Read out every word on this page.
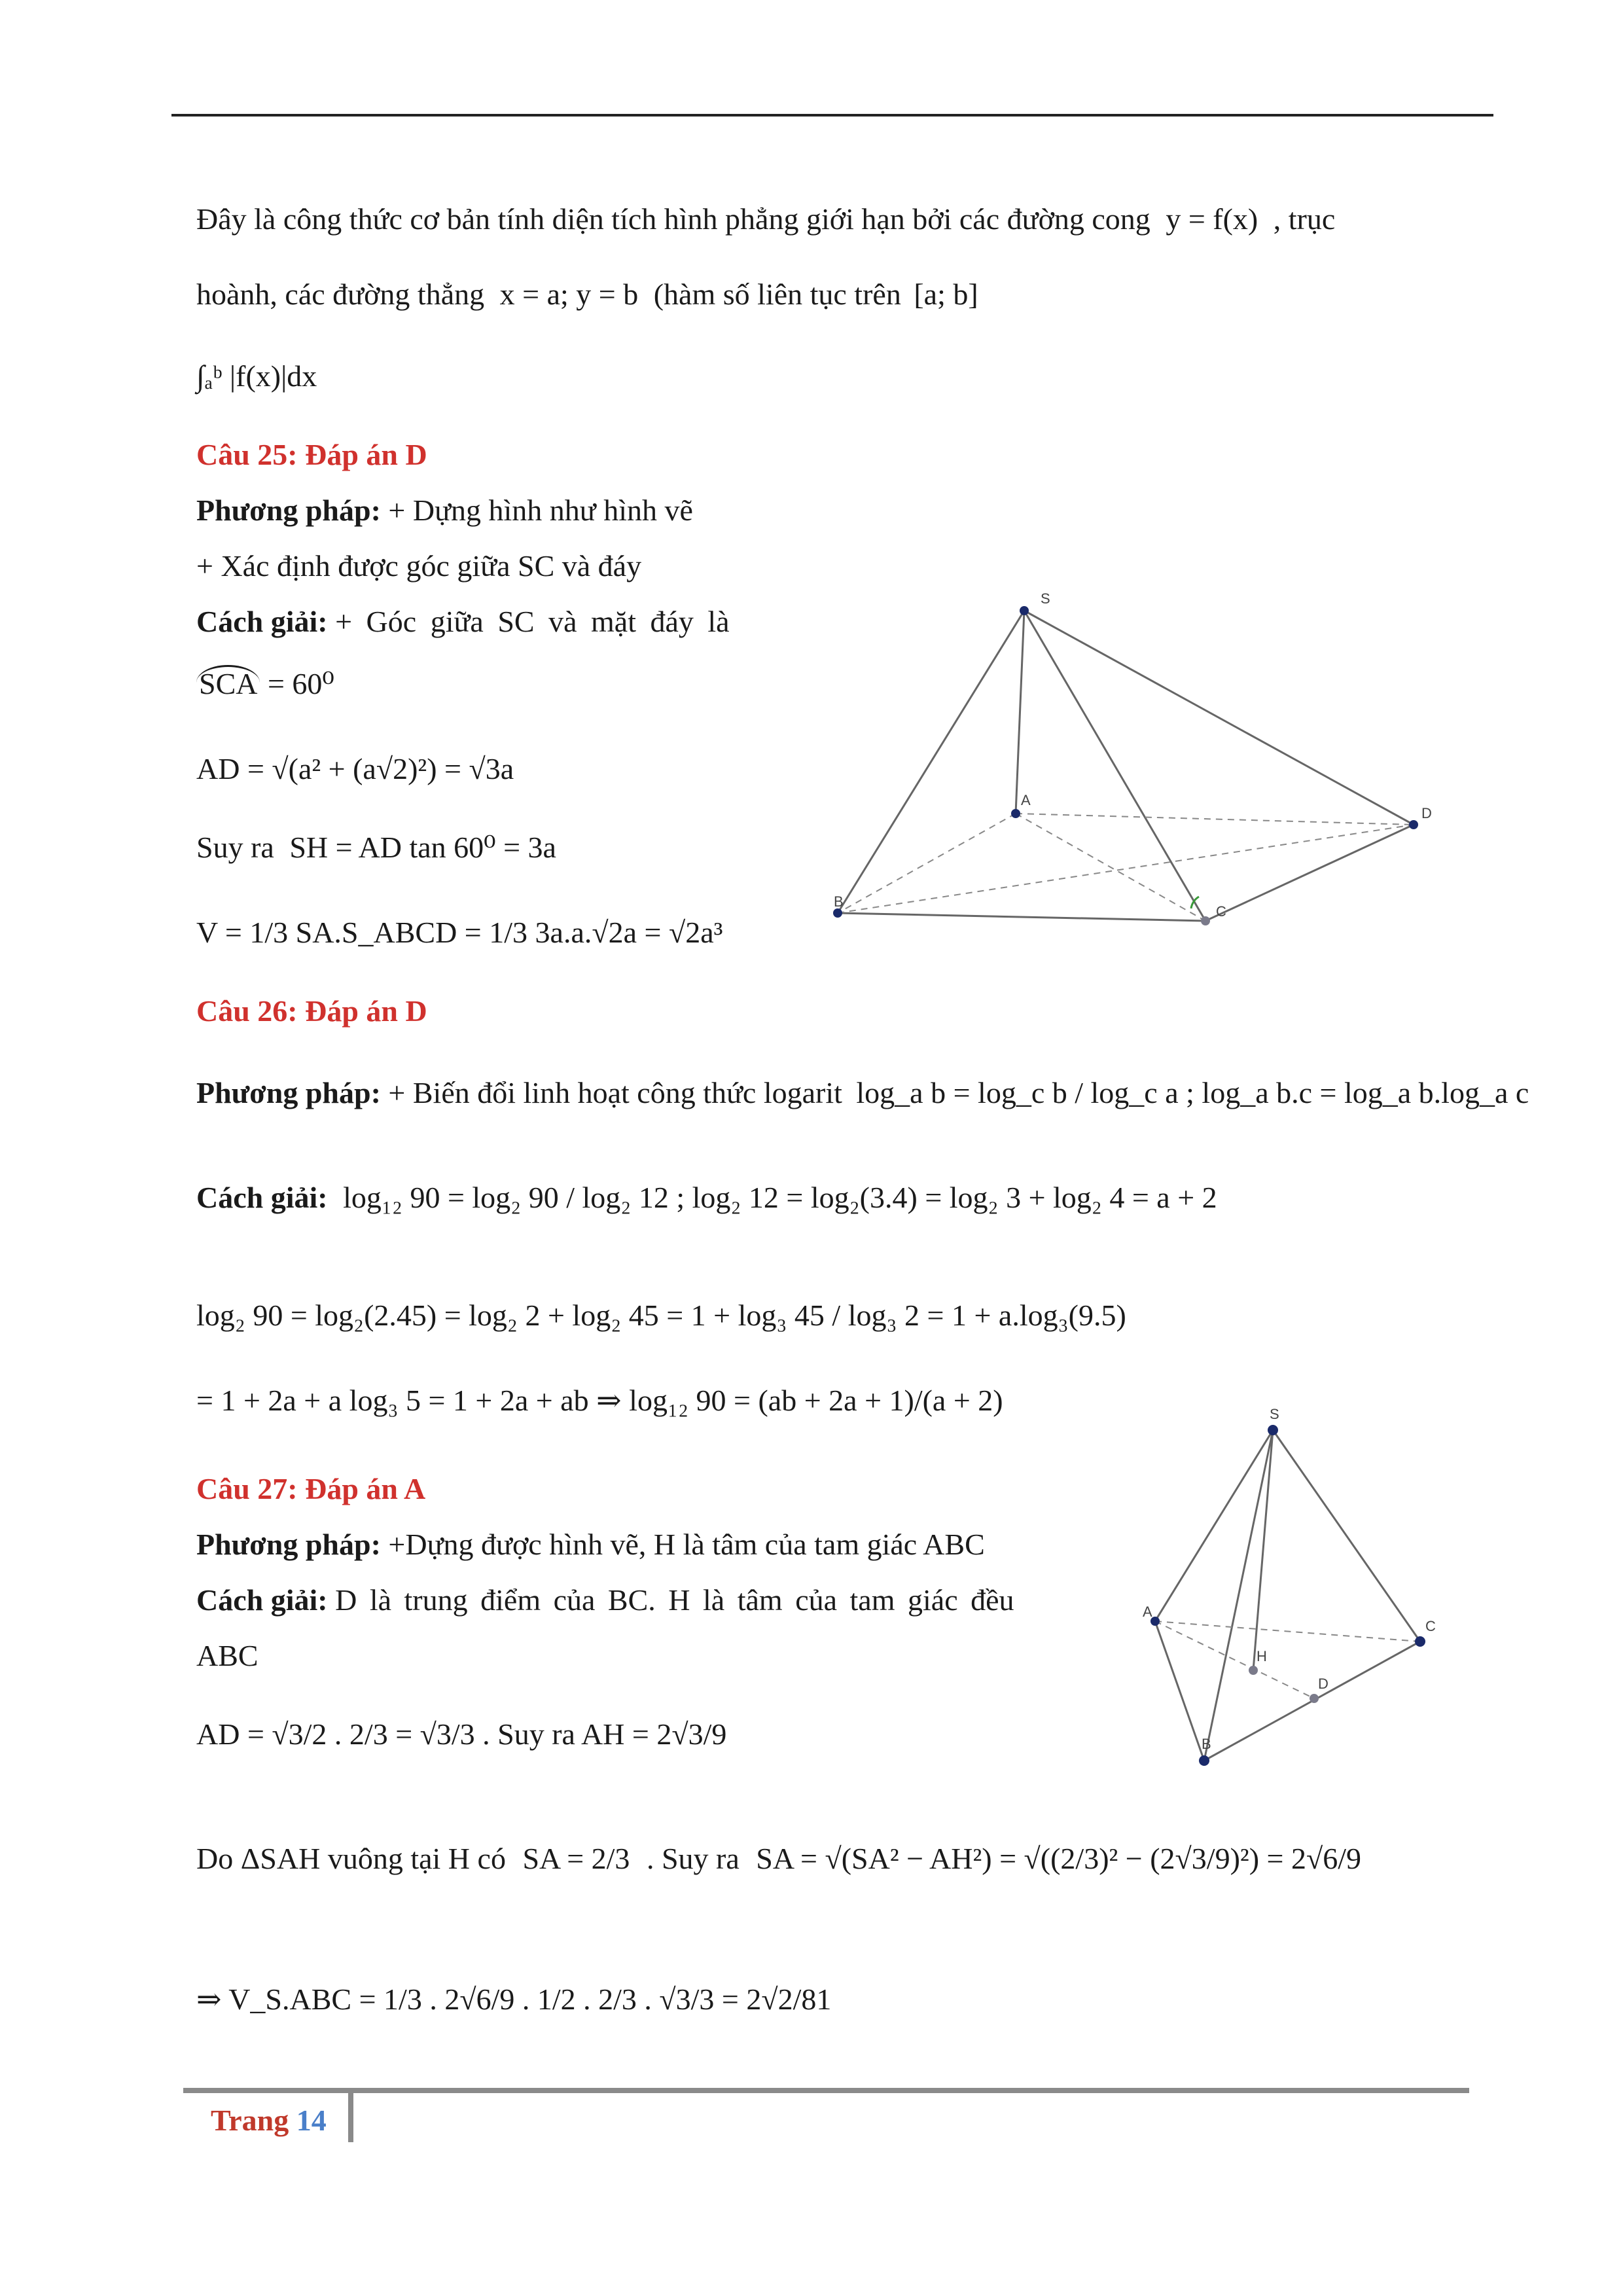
Đây là công thức cơ bản tính diện tích hình phẳng giới hạn bởi các đường cong y = f(x) , trục
hoành, các đường thẳng x = a; y = b (hàm số liên tục trên [a; b]
∫ₐᵇ |f(x)|dx
Câu 25: Đáp án D
Phương pháp: + Dựng hình như hình vẽ
+ Xác định được góc giữa SC và đáy
Cách giải: + Góc giữa SC và mặt đáy là
SCA = 60⁰
AD = √(a² + (a√2)²) = √3a
Suy ra SH = AD tan 60⁰ = 3a
V = 1/3 SA.S_ABCD = 1/3 3a.a.√2a = √2a³
S
A
B
C
D
Câu 26: Đáp án D
Phương pháp: + Biến đổi linh hoạt công thức logarit log_a b = log_c b / log_c a ; log_a b.c = log_a b.log_a c
Cách giải: log₁₂ 90 = log₂ 90 / log₂ 12 ; log₂ 12 = log₂(3.4) = log₂ 3 + log₂ 4 = a + 2
log₂ 90 = log₂(2.45) = log₂ 2 + log₂ 45 = 1 + log₃ 45 / log₃ 2 = 1 + a.log₃(9.5)
= 1 + 2a + a log₃ 5 = 1 + 2a + ab ⇒ log₁₂ 90 = (ab + 2a + 1)/(a + 2)
Câu 27: Đáp án A
Phương pháp: +Dựng được hình vẽ, H là tâm của tam giác ABC
Cách giải: D là trung điểm của BC. H là tâm của tam giác đều
ABC
AD = √3/2 . 2/3 = √3/3 . Suy ra AH = 2√3/9
Do ΔSAH vuông tại H có SA = 2/3 . Suy ra SA = √(SA² − AH²) = √((2/3)² − (2√3/9)²) = 2√6/9
⇒ V_S.ABC = 1/3 . 2√6/9 . 1/2 . 2/3 . √3/3 = 2√2/81
S
A
B
C
D
H
Trang 14
